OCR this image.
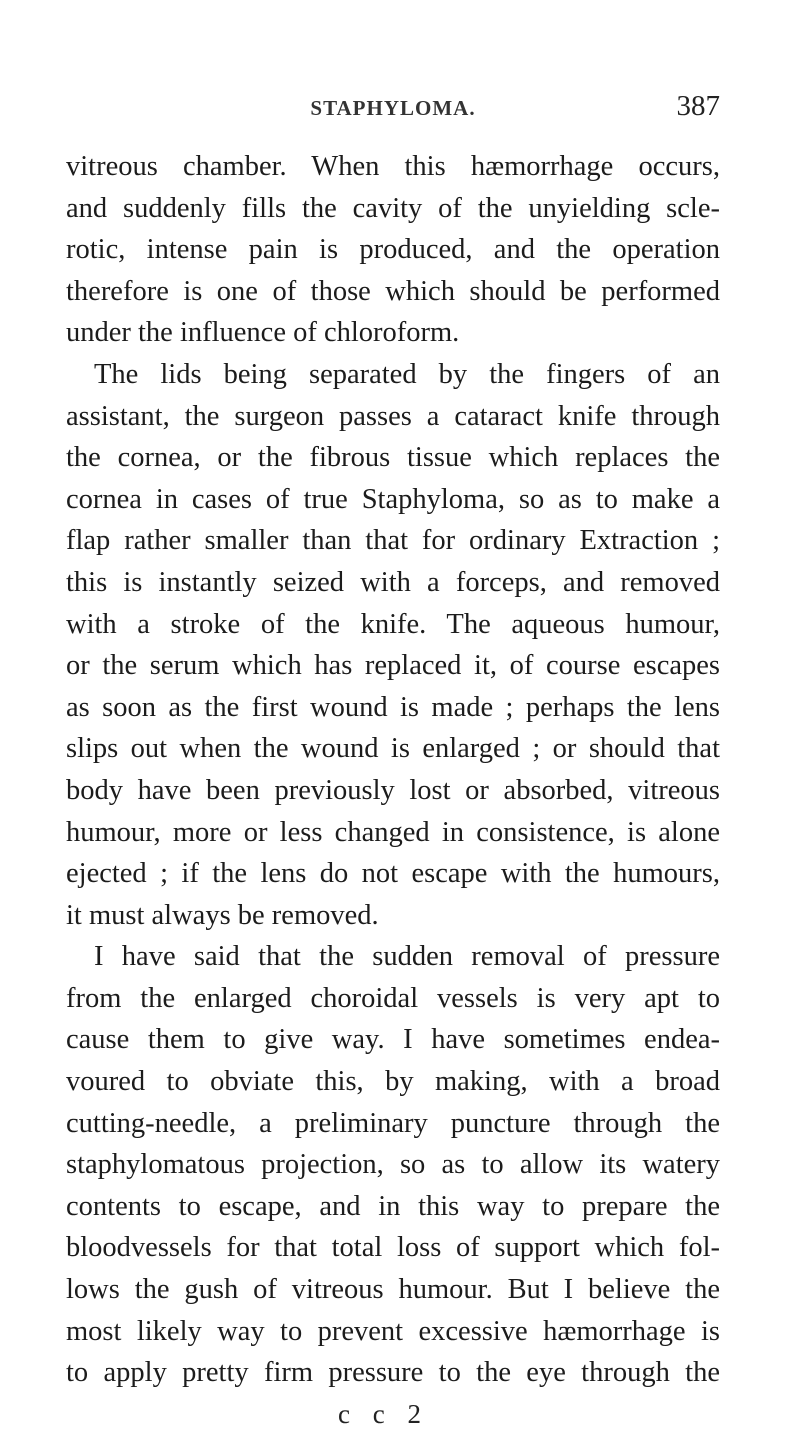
STAPHYLOMA.	387
vitreous chamber. When this hæmorrhage occurs,
and suddenly fills the cavity of the unyielding scle-
rotic, intense pain is produced, and the operation
therefore is one of those which should be performed
under the influence of chloroform.
The lids being separated by the fingers of an
assistant, the surgeon passes a cataract knife through
the cornea, or the fibrous tissue which replaces the
cornea in cases of true Staphyloma, so as to make a
flap rather smaller than that for ordinary Extraction ;
this is instantly seized with a forceps, and removed
with a stroke of the knife. The aqueous humour,
or the serum which has replaced it, of course escapes
as soon as the first wound is made ; perhaps the lens
slips out when the wound is enlarged ; or should that
body have been previously lost or absorbed, vitreous
humour, more or less changed in consistence, is alone
ejected ; if the lens do not escape with the humours,
it must always be removed.
I have said that the sudden removal of pressure
from the enlarged choroidal vessels is very apt to
cause them to give way. I have sometimes endea-
voured to obviate this, by making, with a broad
cutting-needle, a preliminary puncture through the
staphylomatous projection, so as to allow its watery
contents to escape, and in this way to prepare the
bloodvessels for that total loss of support which fol-
lows the gush of vitreous humour. But I believe the
most likely way to prevent excessive hæmorrhage is
to apply pretty firm pressure to the eye through the
c c 2
